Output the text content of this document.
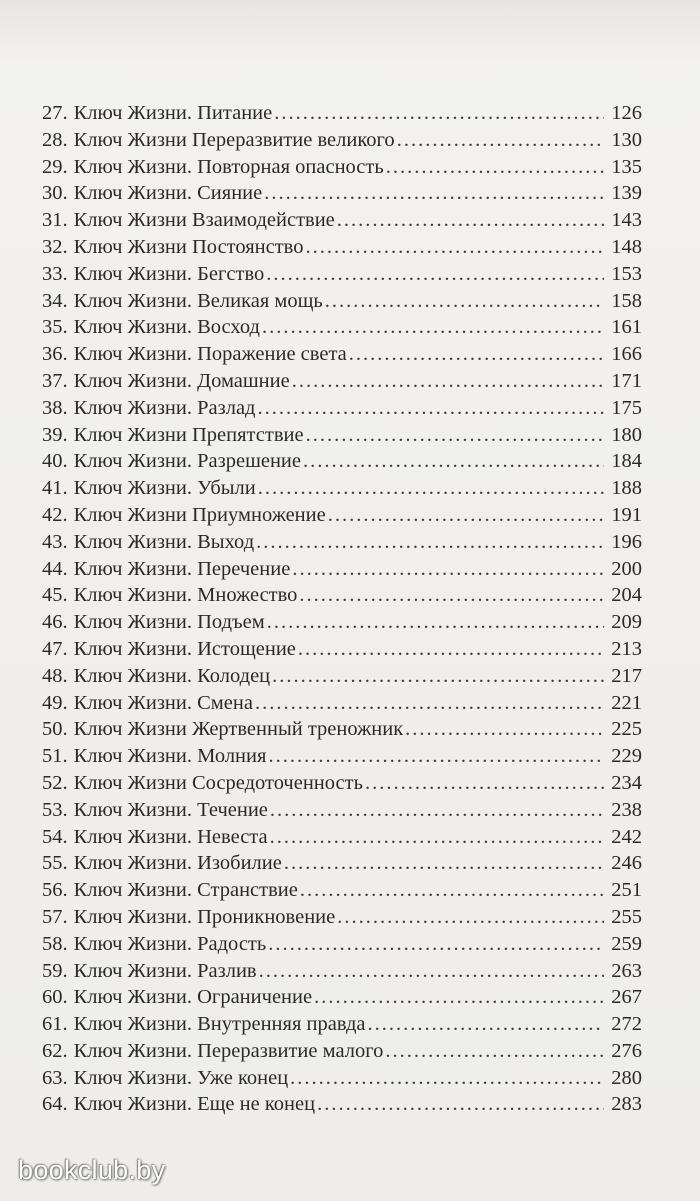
27. Ключ Жизни. Питание .....	126
28. Ключ Жизни Переразвитие великого .....	130
29. Ключ Жизни. Повторная опасность .....	135
30. Ключ Жизни. Сияние .....	139
31. Ключ Жизни Взаимодействие .....	143
32. Ключ Жизни Постоянство .....	148
33. Ключ Жизни. Бегство .....	153
34. Ключ Жизни. Великая мощь .....	158
35. Ключ Жизни. Восход .....	161
36. Ключ Жизни. Поражение света .....	166
37. Ключ Жизни. Домашние .....	171
38. Ключ Жизни. Разлад .....	175
39. Ключ Жизни Препятствие .....	180
40. Ключ Жизни. Разрешение .....	184
41. Ключ Жизни. Убыли .....	188
42. Ключ Жизни Приумножение .....	191
43. Ключ Жизни. Выход .....	196
44. Ключ Жизни. Перечение .....	200
45. Ключ Жизни. Множество .....	204
46. Ключ Жизни. Подъем .....	209
47. Ключ Жизни. Истощение .....	213
48. Ключ Жизни. Колодец .....	217
49. Ключ Жизни. Смена .....	221
50. Ключ Жизни Жертвенный треножник .....	225
51. Ключ Жизни. Молния .....	229
52. Ключ Жизни Сосредоточенность .....	234
53. Ключ Жизни. Течение .....	238
54. Ключ Жизни. Невеста .....	242
55. Ключ Жизни. Изобилие .....	246
56. Ключ Жизни. Странствие .....	251
57. Ключ Жизни. Проникновение .....	255
58. Ключ Жизни. Радость .....	259
59. Ключ Жизни. Разлив .....	263
60. Ключ Жизни. Ограничение .....	267
61. Ключ Жизни. Внутренняя правда .....	272
62. Ключ Жизни. Переразвитие малого .....	276
63. Ключ Жизни. Уже конец .....	280
64. Ключ Жизни. Еще не конец .....	283
bookclub.by
